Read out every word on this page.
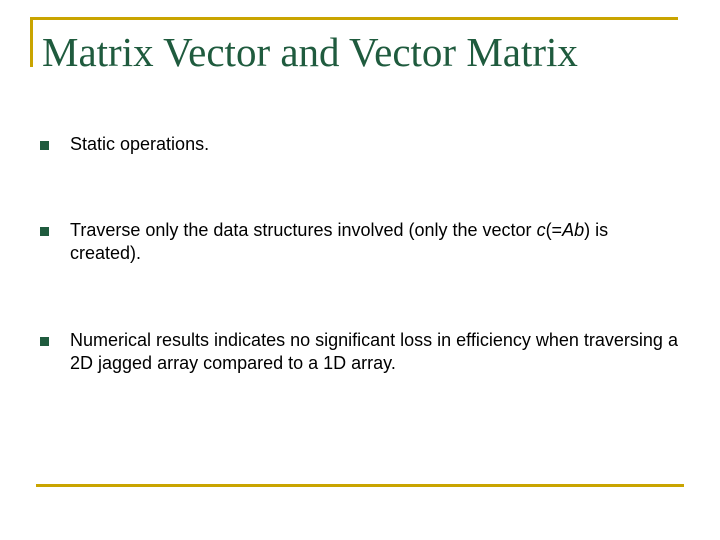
Matrix Vector and Vector Matrix
Static operations.
Traverse only the data structures involved (only the vector c(=Ab) is created).
Numerical results indicates no significant loss in efficiency when traversing a 2D jagged array compared to a 1D array.
